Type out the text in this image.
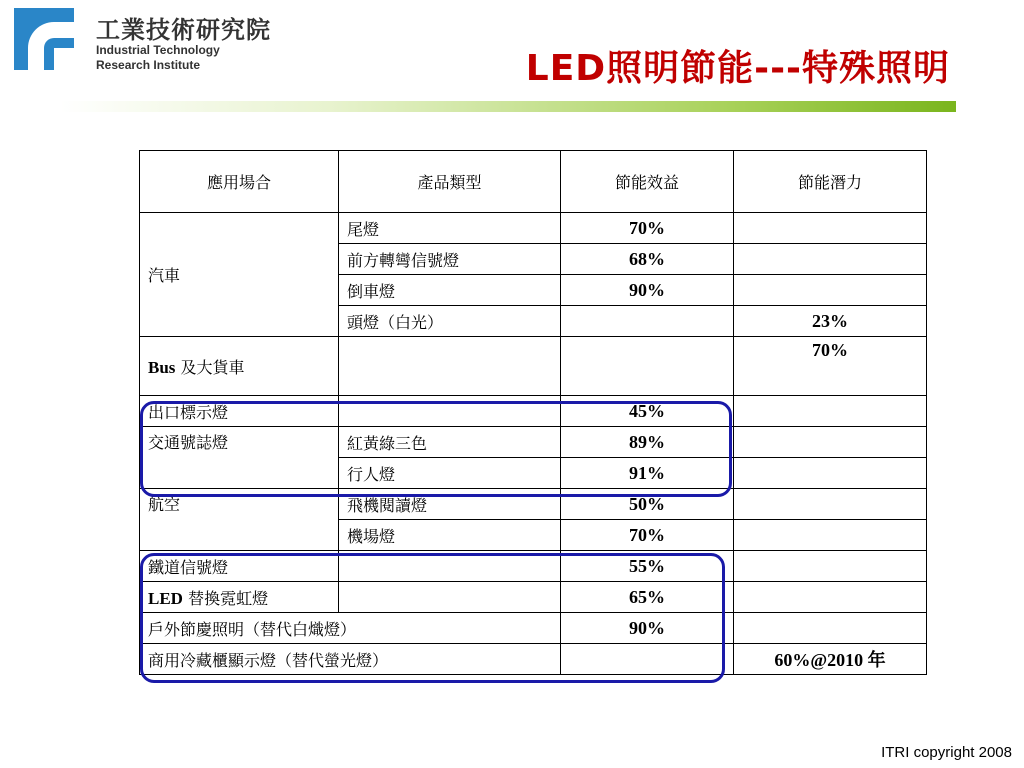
工業技術研究院
Industrial Technology
Research Institute	LED照明節能---特殊照明
應用場合	產品類型	節能效益	節能潛力
汽車	尾燈	70%	
	前方轉彎信號燈	68%	
	倒車燈	90%	
	頭燈（白光）		23%
Bus 及大貨車			70%
出口標示燈		45%	
交通號誌燈	紅黃綠三色	89%	
	行人燈	91%	
航空	飛機閱讀燈	50%	
	機場燈	70%	
鐵道信號燈		55%	
LED 替換霓虹燈		65%	
戶外節慶照明（替代白熾燈）		90%	
商用冷藏櫃顯示燈（替代螢光燈）			60%@2010 年
ITRI copyright 2008
